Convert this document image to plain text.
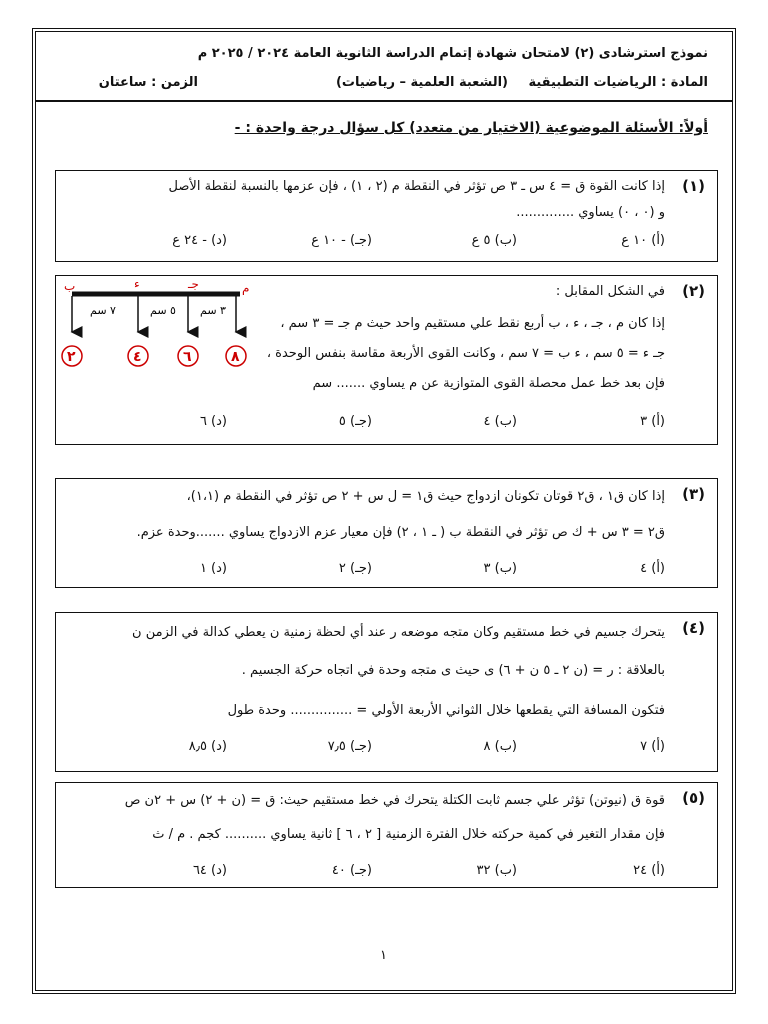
نموذج استرشادى (٢) لامتحان شهادة إتمام الدراسة الثانوية العامة ٢٠٢٤ / ٢٠٢٥ م
المادة : الرياضيات التطبيقية
(الشعبة العلمية – رياضيات)
الزمن : ساعتان
أولاً: الأسئلة الموضوعية (الاختيار من متعدد) كل سؤال درجة واحدة : -
(١)
إذا كانت القوة ق = ٤ س ـ ٣ ص تؤثر في النقطة م (٢ ، ١) ، فإن عزمها بالنسبة لنقطة الأصل
و (٠ ، ٠) يساوي ..............
(أ) ١٠ ع
(ب) ٥ ع
(جـ) - ١٠ ع
(د) - ٢٤ ع
(٢)
في الشكل المقابل :
إذا كان م ، جـ ، ء ، ب أربع نقط علي مستقيم واحد حيث م جـ = ٣ سم ،
جـ ء = ٥ سم ، ء ب = ٧ سم ، وكانت القوى الأربعة مقاسة بنفس الوحدة ،
فإن بعد خط عمل محصلة القوى المتوازية عن م يساوي ....... سم
(أ) ٣
(ب) ٤
(جـ) ٥
(د) ٦
ب	ء	جـ	م
٧ سم	٥ سم ٣ سم
٢	٤	٦	٨
(٣)
إذا كان ق١ ، ق٢ قوتان تكونان ازدواج حيث ق١ = ل س + ٢ ص تؤثر في النقطة م (١،١)،
ق٢ = ٣ س + ك ص تؤثر في النقطة ب ( ـ ١ ، ٢) فإن معيار عزم الازدواج يساوي .......وحدة عزم.
(أ) ٤
(ب) ٣
(جـ) ٢
(د) ١
(٤)
يتحرك جسيم في خط مستقيم وكان متجه موضعه ر عند أي لحظة زمنية ن يعطي كدالة في الزمن ن
بالعلاقة : ر = (ن ٢ ـ ٥ ن + ٦) ى حيث ى متجه وحدة في اتجاه حركة الجسيم .
فتكون المسافة التي يقطعها خلال الثواني الأربعة الأولي = ............... وحدة طول
(أ) ٧
(ب) ٨
(جـ) ٧٫٥
(د) ٨٫٥
(٥)
قوة ق (نيوتن) تؤثر علي جسم ثابت الكتلة يتحرك في خط مستقيم حيث: ق = (ن + ٢) س + ٢ن ص
فإن مقدار التغير في كمية حركته خلال الفترة الزمنية [ ٢ ، ٦ ] ثانية يساوي .......... كجم . م / ث
(أ) ٢٤
(ب) ٣٢
(جـ) ٤٠
(د) ٦٤
١
